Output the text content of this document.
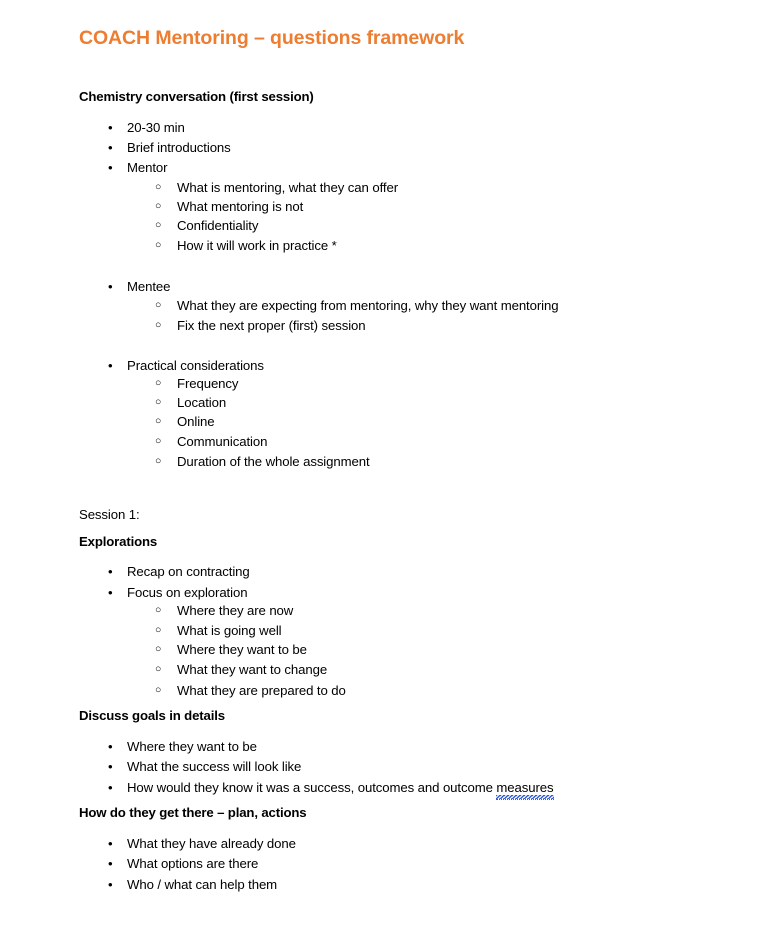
COACH Mentoring – questions framework
Chemistry conversation (first session)
• 20-30 min
• Brief introductions
• Mentor
○ What is mentoring, what they can offer
○ What mentoring is not
○ Confidentiality
○ How it will work in practice *
• Mentee
○ What they are expecting from mentoring, why they want mentoring
○ Fix the next proper (first) session
• Practical considerations
○ Frequency
○ Location
○ Online
○ Communication
○ Duration of the whole assignment
Session 1:
Explorations
• Recap on contracting
• Focus on exploration
○ Where they are now
○ What is going well
○ Where they want to be
○ What they want to change
○ What they are prepared to do
Discuss goals in details
• Where they want to be
• What the success will look like
• How would they know it was a success, outcomes and outcome measures
How do they get there – plan, actions
• What they have already done
• What options are there
• Who / what can help them
